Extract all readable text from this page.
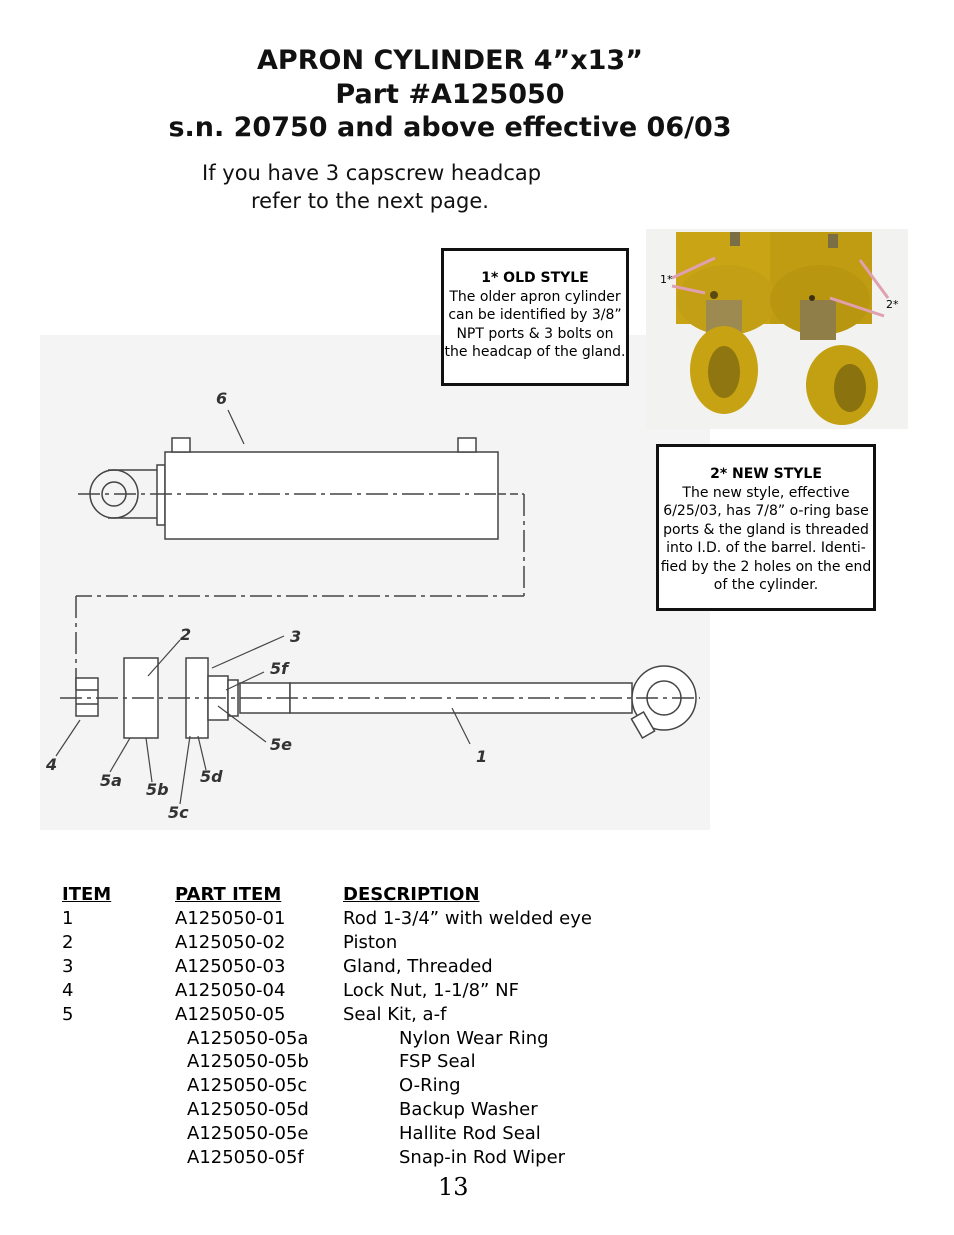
APRON CYLINDER 4”x13”
Part #A125050
s.n. 20750 and above effective 06/03
If you have 3 capscrew headcap
refer to the next page.
1*
2*
6
2	3
5f
5e
1
4
5a 5b
5c
5d
1* OLD STYLE
The older apron cylinder can be identified by 3/8” NPT ports & 3 bolts on the headcap of the gland.
2* NEW STYLE
The new style, effective 6/25/03, has 7/8” o-ring base ports & the gland is threaded into I.D. of the barrel. Identi-fied by the 2 holes on the end of the cylinder.
ITEM	PART ITEM	DESCRIPTION
1	A125050-01	Rod 1-3/4” with welded eye
2	A125050-02	Piston
3	A125050-03	Gland, Threaded
4	A125050-04	Lock Nut, 1-1/8” NF
5	A125050-05	Seal Kit, a-f
A125050-05a	Nylon Wear Ring
A125050-05b	FSP Seal
A125050-05c	O-Ring
A125050-05d	Backup Washer
A125050-05e	Hallite Rod Seal
A125050-05f	Snap-in Rod Wiper
13
